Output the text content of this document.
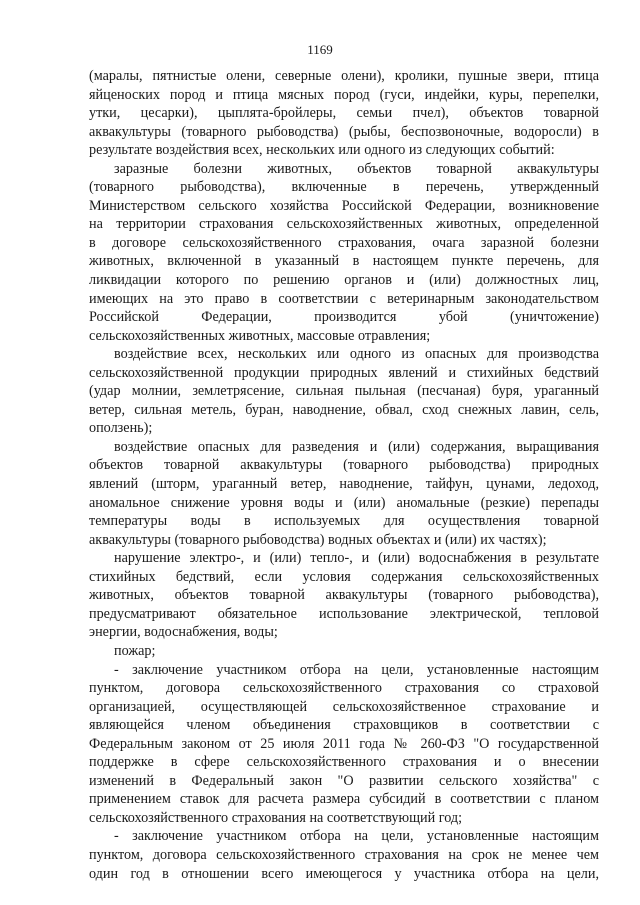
1169
(маралы, пятнистые олени, северные олени), кролики, пушные звери, птица
яйценоских пород и птица мясных пород (гуси, индейки, куры, перепелки,
утки, цесарки), цыплята-бройлеры, семьи пчел), объектов товарной
аквакультуры (товарного рыбоводства) (рыбы, беспозвоночные, водоросли) в
результате воздействия всех, нескольких или одного из следующих событий:
заразные болезни животных, объектов товарной аквакультуры
(товарного рыбоводства), включенные в перечень, утвержденный
Министерством сельского хозяйства Российской Федерации, возникновение
на территории страхования сельскохозяйственных животных, определенной
в договоре сельскохозяйственного страхования, очага заразной болезни
животных, включенной в указанный в настоящем пункте перечень, для
ликвидации которого по решению органов и (или) должностных лиц,
имеющих на это право в соответствии с ветеринарным законодательством
Российской Федерации, производится убой (уничтожение)
сельскохозяйственных животных, массовые отравления;
воздействие всех, нескольких или одного из опасных для производства
сельскохозяйственной продукции природных явлений и стихийных бедствий
(удар молнии, землетрясение, сильная пыльная (песчаная) буря, ураганный
ветер, сильная метель, буран, наводнение, обвал, сход снежных лавин, сель,
оползень);
воздействие опасных для разведения и (или) содержания, выращивания
объектов товарной аквакультуры (товарного рыбоводства) природных
явлений (шторм, ураганный ветер, наводнение, тайфун, цунами, ледоход,
аномальное снижение уровня воды и (или) аномальные (резкие) перепады
температуры воды в используемых для осуществления товарной
аквакультуры (товарного рыбоводства) водных объектах и (или) их частях);
нарушение электро-, и (или) тепло-, и (или) водоснабжения в результате
стихийных бедствий, если условия содержания сельскохозяйственных
животных, объектов товарной аквакультуры (товарного рыбоводства),
предусматривают обязательное использование электрической, тепловой
энергии, водоснабжения, воды;
пожар;
- заключение участником отбора на цели, установленные настоящим
пунктом, договора сельскохозяйственного страхования со страховой
организацией, осуществляющей сельскохозяйственное страхование и
являющейся членом объединения страховщиков в соответствии с
Федеральным законом от 25 июля 2011 года № 260-ФЗ "О государственной
поддержке в сфере сельскохозяйственного страхования и о внесении
изменений в Федеральный закон "О развитии сельского хозяйства" с
применением ставок для расчета размера субсидий в соответствии с планом
сельскохозяйственного страхования на соответствующий год;
- заключение участником отбора на цели, установленные настоящим
пунктом, договора сельскохозяйственного страхования на срок не менее чем
один год в отношении всего имеющегося у участника отбора на цели,
